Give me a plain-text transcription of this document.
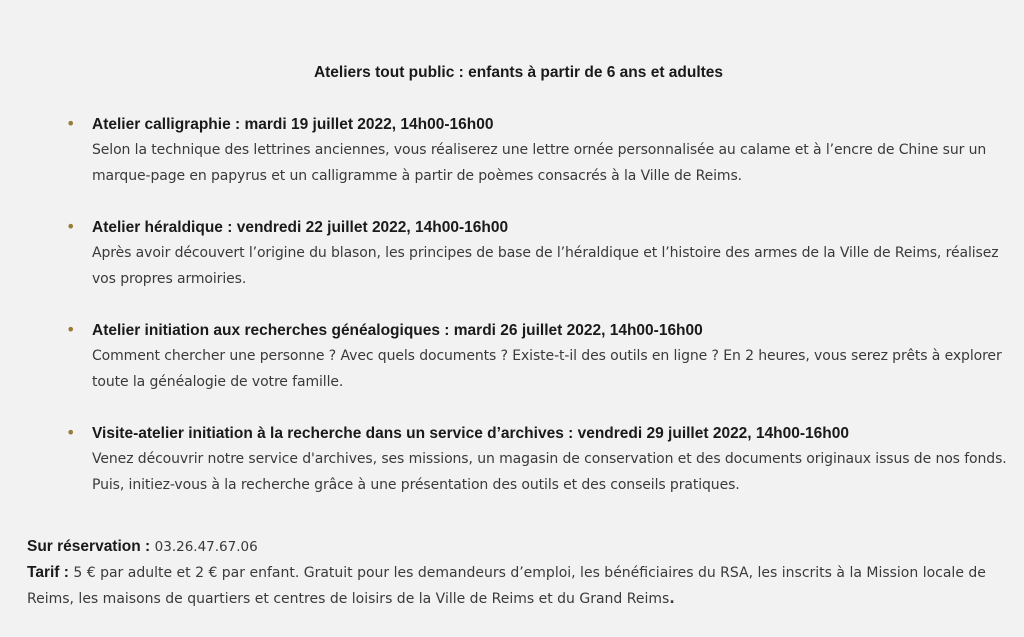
Ateliers tout public : enfants à partir de 6 ans et adultes
• Atelier calligraphie : mardi 19 juillet 2022, 14h00-16h00

Selon la technique des lettrines anciennes, vous réaliserez une lettre ornée personnalisée au calame et à l’encre de Chine sur un marque-page en papyrus et un calligramme à partir de poèmes consacrés à la Ville de Reims.

• Atelier héraldique : vendredi 22 juillet 2022, 14h00-16h00

Après avoir découvert l’origine du blason, les principes de base de l’héraldique et l’histoire des armes de la Ville de Reims, réalisez vos propres armoiries.

• Atelier initiation aux recherches généalogiques : mardi 26 juillet 2022, 14h00-16h00

Comment chercher une personne ? Avec quels documents ? Existe-t-il des outils en ligne ? En 2 heures, vous serez prêts à explorer toute la généalogie de votre famille.

• Visite-atelier initiation à la recherche dans un service d’archives : vendredi 29 juillet 2022, 14h00-16h00

Venez découvrir notre service d'archives, ses missions, un magasin de conservation et des documents originaux issus de nos fonds. Puis, initiez-vous à la recherche grâce à une présentation des outils et des conseils pratiques.

Sur réservation : 03.26.47.67.06
Tarif : 5 € par adulte et 2 € par enfant. Gratuit pour les demandeurs d’emploi, les bénéficiaires du RSA, les inscrits à la Mission locale de Reims, les maisons de quartiers et centres de loisirs de la Ville de Reims et du Grand Reims.
